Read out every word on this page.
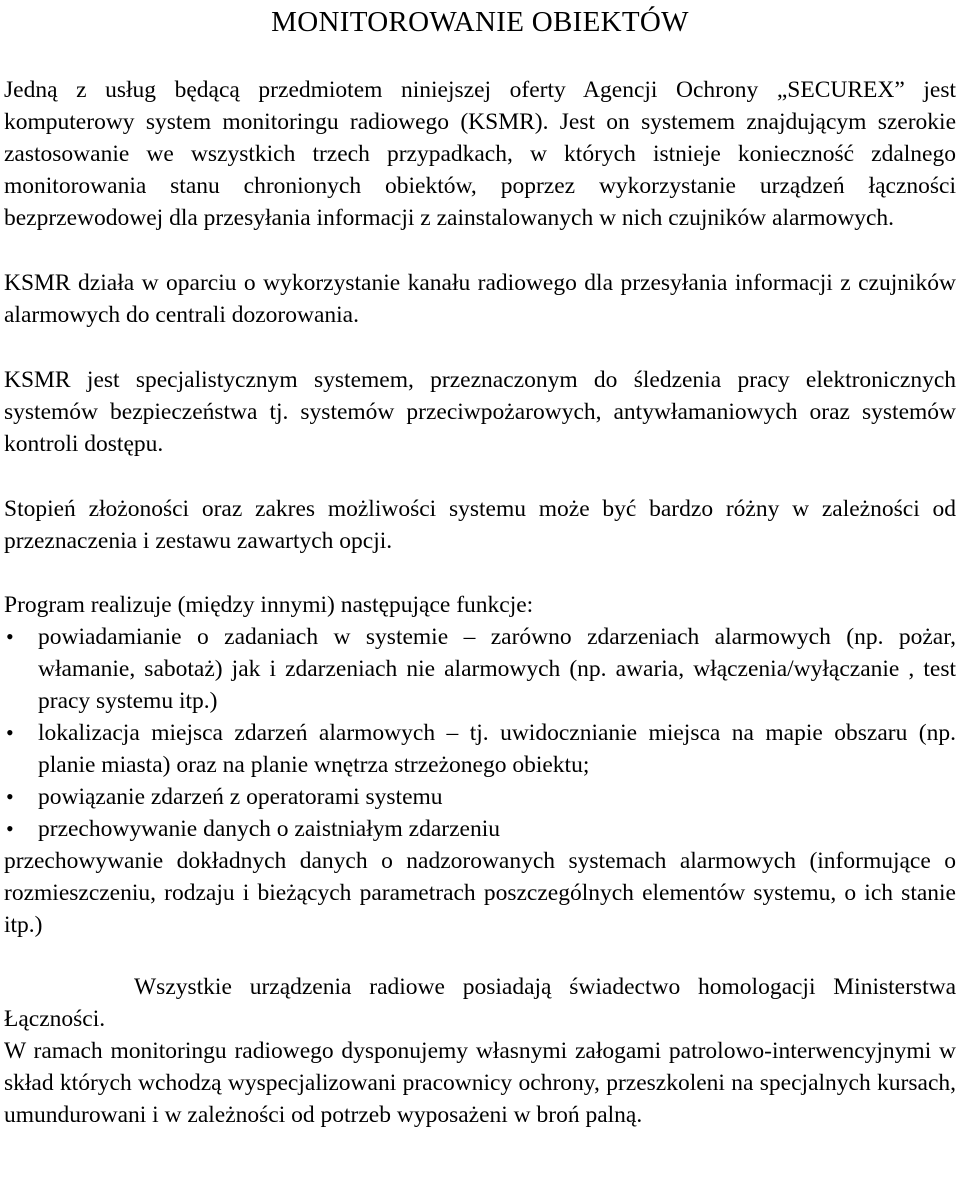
MONITOROWANIE OBIEKTÓW

Jedną z usług będącą przedmiotem niniejszej oferty Agencji Ochrony „SECUREX” jest komputerowy system monitoringu radiowego (KSMR). Jest on systemem znajdującym szerokie zastosowanie we wszystkich trzech przypadkach, w których istnieje konieczność zdalnego monitorowania stanu chronionych obiektów, poprzez wykorzystanie urządzeń łączności bezprzewodowej dla przesyłania informacji z zainstalowanych w nich czujników alarmowych.

KSMR działa w oparciu o wykorzystanie kanału radiowego dla przesyłania informacji z czujników alarmowych do centrali dozorowania.

KSMR jest specjalistycznym systemem, przeznaczonym do śledzenia pracy elektronicznych systemów bezpieczeństwa tj. systemów przeciwpożarowych, antywłamaniowych oraz systemów kontroli dostępu.

Stopień złożoności oraz zakres możliwości systemu może być bardzo różny w zależności od przeznaczenia i zestawu zawartych opcji.

Program realizuje (między innymi) następujące funkcje:

• powiadamianie o zadaniach w systemie – zarówno zdarzeniach alarmowych (np. pożar, włamanie, sabotaż) jak i zdarzeniach nie alarmowych (np. awaria, włączenia/wyłączanie , test pracy systemu itp.)
• lokalizacja miejsca zdarzeń alarmowych – tj. uwidocznianie miejsca na mapie obszaru (np. planie miasta) oraz na planie wnętrza strzeżonego obiektu;
• powiązanie zdarzeń z operatorami systemu
• przechowywanie danych o zaistniałym zdarzeniu

przechowywanie dokładnych danych o nadzorowanych systemach alarmowych (informujące o rozmieszczeniu, rodzaju i bieżących parametrach poszczególnych elementów systemu, o ich stanie itp.)

Wszystkie urządzenia radiowe posiadają świadectwo homologacji Ministerstwa Łączności.

W ramach monitoringu radiowego dysponujemy własnymi załogami patrolowo-interwencyjnymi w skład których wchodzą wyspecjalizowani pracownicy ochrony, przeszkoleni na specjalnych kursach, umundurowani i w zależności od potrzeb wyposażeni w broń palną.
